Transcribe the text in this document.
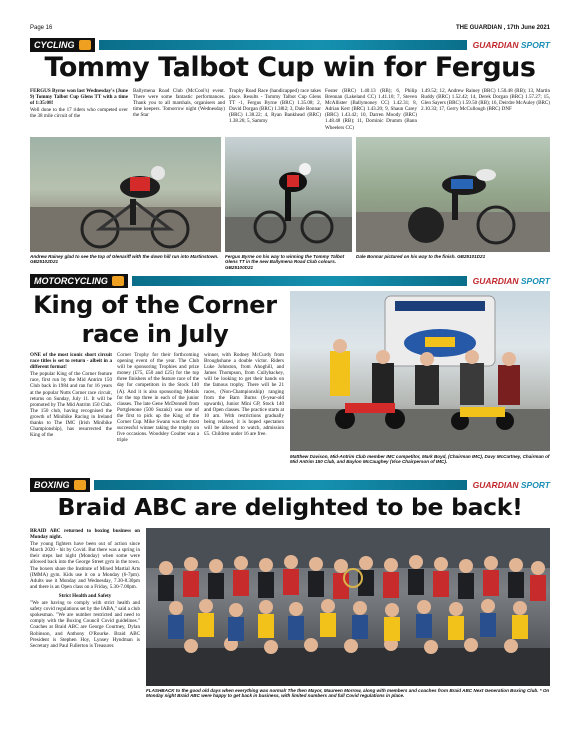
Page 16	THE GUARDIAN , 17th June 2021
CYCLING	GUARDIAN SPORT
Tommy Talbot Cup win for Fergus

FERGUS Byrne won last Wednesday's (June 9) Tommy Talbot Cup Glens TT with a time of 1:35:08!

Well done to the 17 riders who competed over the 38 mile circuit of the

Ballymena Road Club (McCool's) event. There were some fantastic performances. Thank you to all marshals, organisers and time keepers. Tomorrow night (Wednesday) the Star

Trophy Road Race (handicapped) race takes place. Results - Tommy Talbot Cup Glens TT -1, Fergus Byrne (BRC) 1.35.08; 2, David Dorgan (BRC) 1.38l2; 3, Dale Bonnar (BRC) 1.38.22; 4, Ryan Bankhead (BRC) 1.38.26; 5, Sammy

Foster (BRC) 1.40.13 (RB); 6, Philip Brennan (Lakeland CC) 1.41.10; 7, Steven McAllister (Ballymoney CC) 1.42.31; 8, Adrian Kerr (BRC) 1.43.20; 9, Shaun Carey (BRC) 1.43.42; 10, Darren Moody (BRC) 1.48.48 (RB); 11, Dominic Drumm (Bann Wheelers CC)

1.49.52; 12, Andrew Rainey (BRC) 1.50.48 (RB); 13, Martin Ruddy (BRC) 1.52.42; 14, Derek Dorgan (BRC) 1.57.27; 15, Glen Sayers (BRC) 1.59.50 (RB); 16, Deirdre McAuley (BRC) 2.10.33; 17, Gerry McCullough (BRC) DNF

Andrew Rainey glad to see the top of Glenariff with the down hill run into Martinstown. GB25102D21
Fergus Byrne on his way to winning the Tommy Talbot Glens TT in the new Ballymena Road Club colours. GB25100D21
Dale Bonnar pictured on his way to the finish. GB25101D21
MOTORCYCLING	GUARDIAN SPORT
King of the Corner
race in July

ONE of the most iconic short circuit race titles is set to return - albeit in a different format!

The popular King of the Corner feature race, first run by the Mid Antrim 150 Club back in 1984 and ran for 16 years at the popular Nutts Corner race circuit, returns on Sunday, July 11. It will be promoted by The Mid Antrim 150 Club. The 150 club, having recognised the growth of Minibike Racing in Ireland thanks to The IMC (Irish Minibike Championship), has resurrected the King of the

Corner Trophy for their forthcoming opening event of the year. The Club will be sponsoring Trophies and prize money (£75, £50 and £25) for the top three finishers of the feature race of the day for competitors in the Stock 140 (A). And it is also sponsoring Medals for the top three in each of the junior classes. The late Gene McDonnell from Portglenone (500 Suzuki) was one of the first to pick up the King of the Corner Cup. Mike Swann was the most successful winner taking the trophy on five occasions. Woodsley Coulter was a triple

winner, with Rodney McCurdy from Broughshane a double victor. Riders Luke Johnston, from Ahoghill, and James Thompson, from Cullybackey, will be looking to get their hands on the famous trophy. There will be 21 races, (Non-Championship) ranging from the Barn Burns (6-year-old upwards), Junior Mini GP, Stock 140 and Open classes. The practice starts at 10 am. With restrictions gradually being relaxed, it is hoped spectators will be allowed to watch, admission £5. Children under 16 are free.

Matthew Davison, Mid-Antrim Club member IMC competitor, Mark Boyd, (Chairman IMC), Davy McCartney, Chairman of Mid Antrim 150 Club, and Baylon McCaughey (Vice Chairperson of IMC).
BOXING	GUARDIAN SPORT
Braid ABC are delighted to be back!

BRAID ABC returned to boxing business on Monday night.

The young fighters have been out of action since March 2020 - hit by Covid. But there was a spring in their steps last night (Monday) when some were allowed back into the George Street gym in the town. The boxers share the Institute of Mixed Martial Arts (IMMA) gym. Kids use it on a Monday (6-7pm). Adults use it Monday and Wednesday, 7.30-8.30pm and there is an Open class on a Friday, 5.30-7.00pm.

Strict Health and Safety

"We are having to comply with strict health and safety covid regulations set by the IABA," said a club spokesman. "We are number restricted and need to comply with the Boxing Council Covid guidelines." Coaches at Braid ABC are George Courtney, Dylan Robinson, and Anthony O'Rourke. Braid ABC President is Stephen Hoy, Lynsey Hyndman is Secretary and Paul Fullerton is Treasurer.

FLASHBACK to the good old days when everything was normal! The then Mayor, Maureen Morrow, along with members and coaches from Braid ABC Next Generation Boxing Club. * On Monday night Braid ABC were happy to get back in business, with limited numbers and full Covid regulations in place.
